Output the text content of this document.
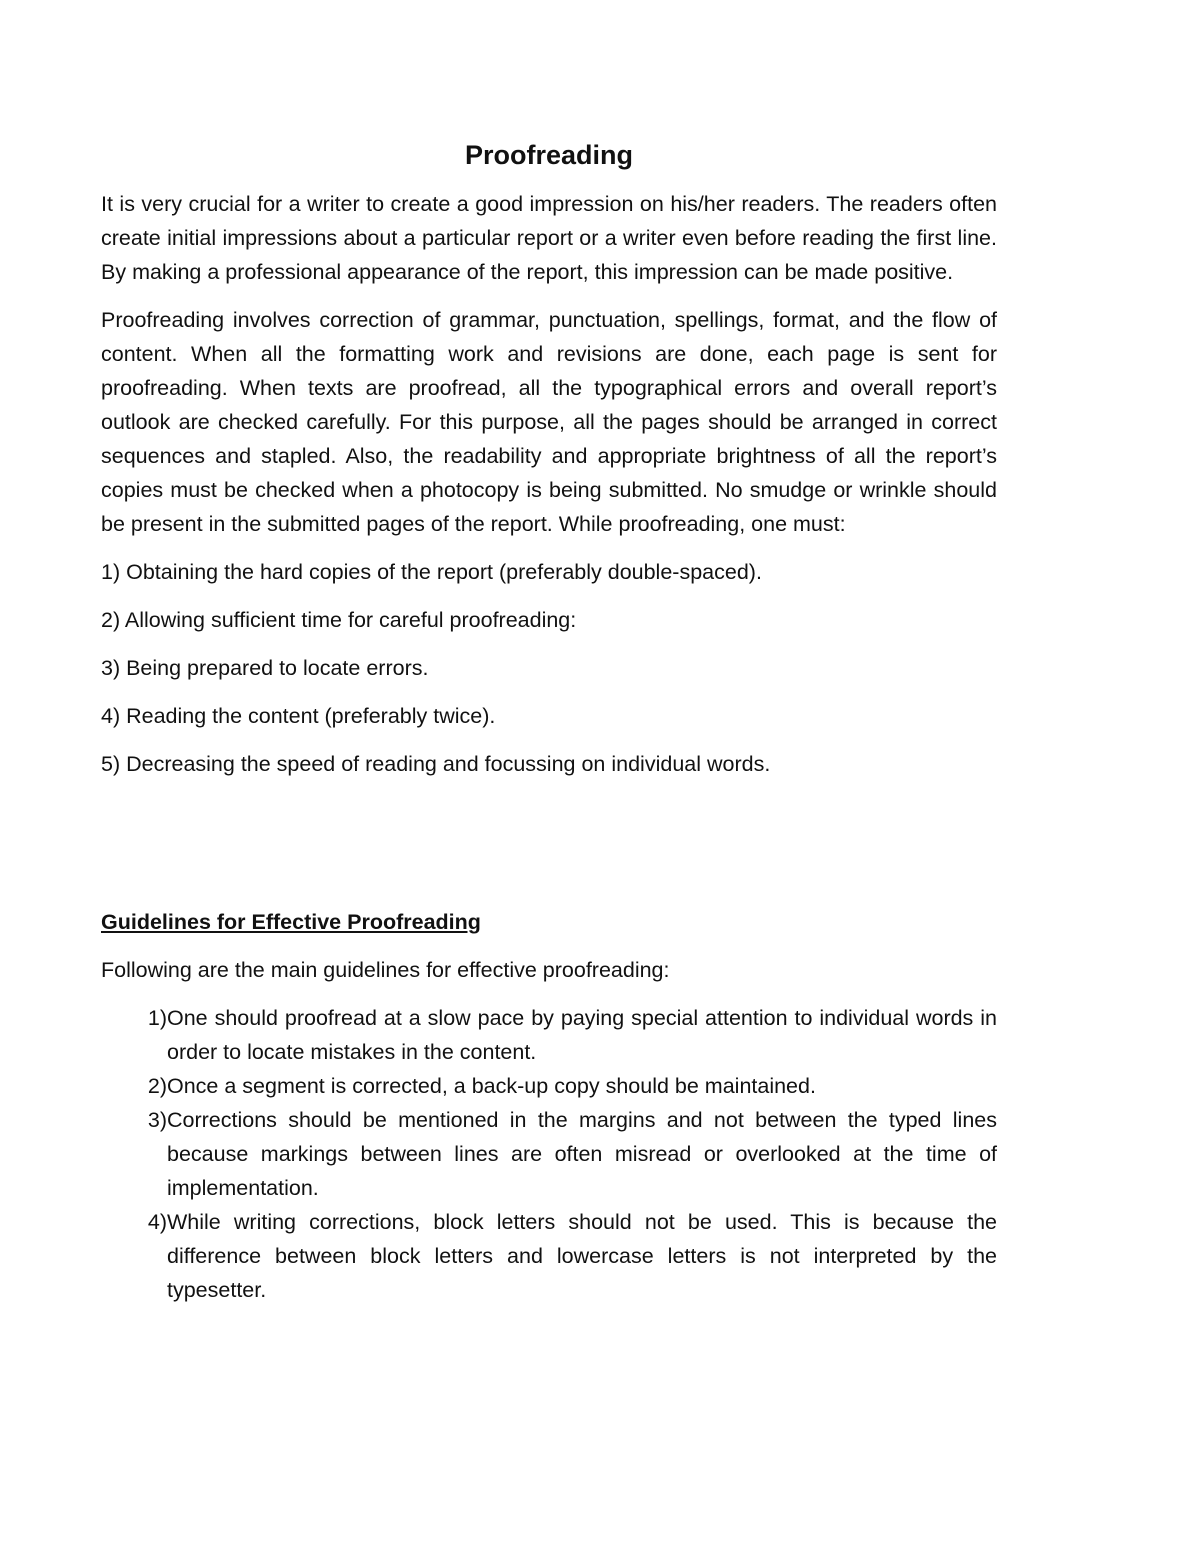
Proofreading

It is very crucial for a writer to create a good impression on his/her readers. The readers often create initial impressions about a particular report or a writer even before reading the first line. By making a professional appearance of the report, this impression can be made positive.

Proofreading involves correction of grammar, punctuation, spellings, format, and the flow of content. When all the formatting work and revisions are done, each page is sent for proofreading. When texts are proofread, all the typographical errors and overall report’s outlook are checked carefully. For this purpose, all the pages should be arranged in correct sequences and stapled. Also, the readability and appropriate brightness of all the report’s copies must be checked when a photocopy is being submitted. No smudge or wrinkle should be present in the submitted pages of the report. While proofreading, one must:

1) Obtaining the hard copies of the report (preferably double-spaced).
2) Allowing sufficient time for careful proofreading:
3) Being prepared to locate errors.
4) Reading the content (preferably twice).
5) Decreasing the speed of reading and focussing on individual words.
Guidelines for Effective Proofreading
Following are the main guidelines for effective proofreading:
1) One should proofread at a slow pace by paying special attention to individual words in order to locate mistakes in the content.
2) Once a segment is corrected, a back-up copy should be maintained.
3) Corrections should be mentioned in the margins and not between the typed lines because markings between lines are often misread or overlooked at the time of implementation.
4) While writing corrections, block letters should not be used. This is because the difference between block letters and lowercase letters is not interpreted by the typesetter.
